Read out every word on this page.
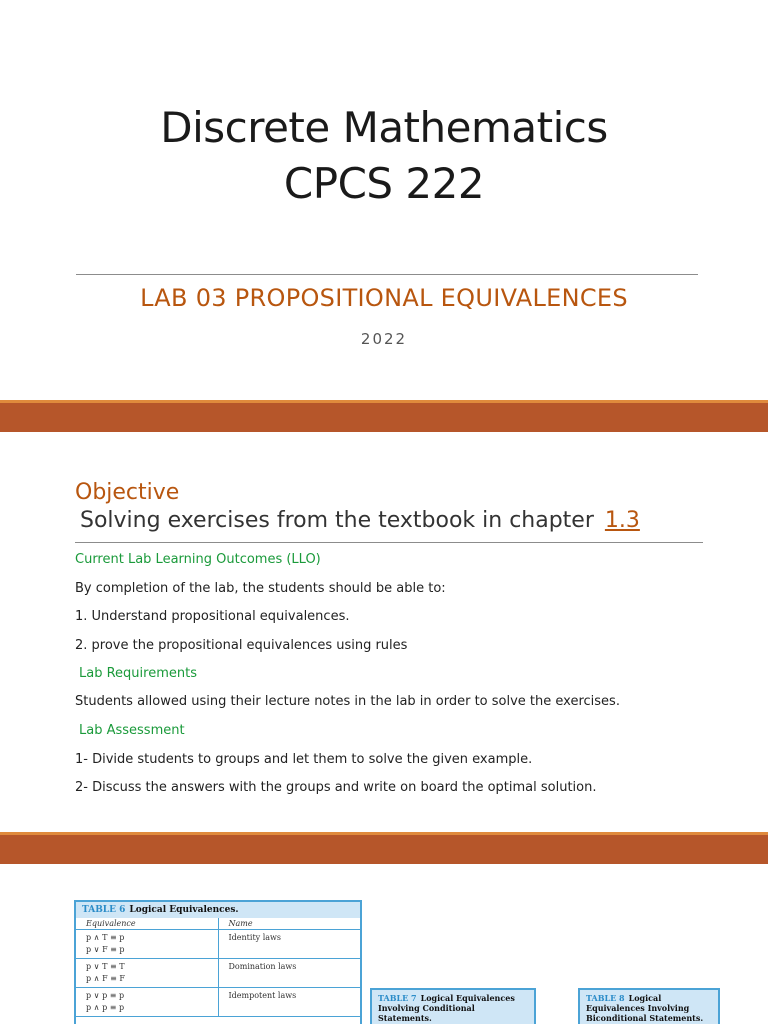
Discrete Mathematics
CPCS 222
LAB 03 PROPOSITIONAL EQUIVALENCES
2022
Objective
Solving exercises from the textbook in chapter 1.3
Current Lab Learning Outcomes (LLO)
By completion of the lab, the students should be able to:
1. Understand propositional equivalences.
2. prove the propositional equivalences using rules
Lab Requirements
Students allowed using their lecture notes in the lab in order to solve the exercises.
Lab Assessment
1- Divide students to groups and let them to solve the given example.
2- Discuss the answers with the groups and write on board the optimal solution.
TABLE 6 Logical Equivalences.
Equivalence	Name

p ∧ T ≡ p
p ∨ F ≡ p	Identity laws

p ∨ T ≡ T
p ∧ F ≡ F	Domination laws

p ∨ p ≡ p
p ∧ p ≡ p	Idempotent laws	TABLE 7 Logical Equivalences Involving Conditional Statements.
TABLE 8 Logical Equivalences Involving Biconditional Statements.
